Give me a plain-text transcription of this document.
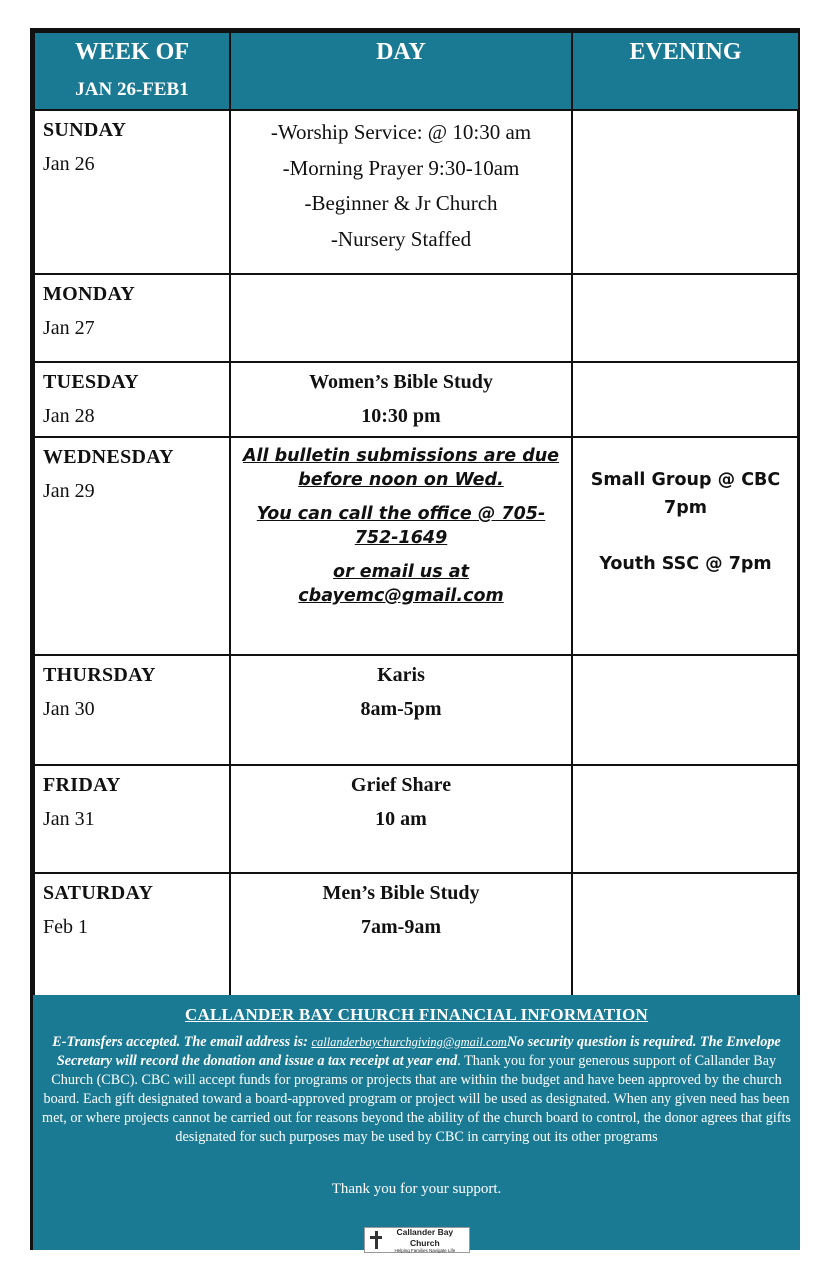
WEEK OF
JAN 26-FEB1
DAY	EVENING
SUNDAY
Jan 26
-Worship Service: @ 10:30 am
-Morning Prayer 9:30-10am
-Beginner & Jr Church
-Nursery Staffed
MONDAY
Jan 27
TUESDAY
Jan 28
Women’s Bible Study
10:30 pm
WEDNESDAY
Jan 29

All bulletin submissions are due before noon on Wed.

You can call the office @ 705-752-1649

or email us at cbayemc@gmail.com

Small Group @ CBC 7pm
Youth SSC @ 7pm
THURSDAY
Jan 30
Karis
8am-5pm
FRIDAY
Jan 31
Grief Share
10 am
SATURDAY
Feb 1
Men’s Bible Study
7am-9am
CALLANDER BAY CHURCH FINANCIAL INFORMATION
E-Transfers accepted. The email address is: callanderbaychurchgiving@gmail.comNo security question is required. The Envelope Secretary will record the donation and issue a tax receipt at year end. Thank you for your generous support of Callander Bay Church (CBC). CBC will accept funds for programs or projects that are within the budget and have been approved by the church board. Each gift designated toward a board-approved program or project will be used as designated. When any given need has been met, or where projects cannot be carried out for reasons beyond the ability of the church board to control, the donor agrees that gifts designated for such purposes may be used by CBC in carrying out its other programs
Thank you for your support.
Callander Bay Church
Helping Families Navigate Life
